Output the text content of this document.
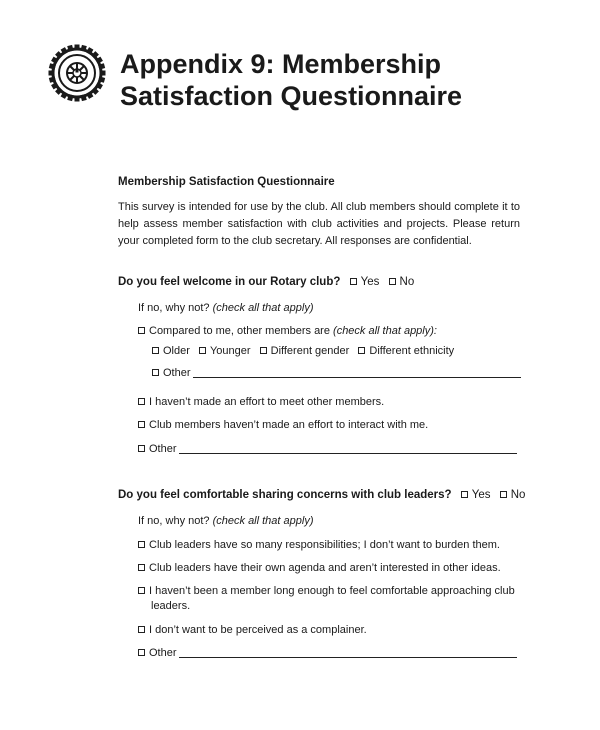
Appendix 9: Membership
Satisfaction Questionnaire
Membership Satisfaction Questionnaire

This survey is intended for use by the club. All club members should complete it to help assess member satisfaction with club activities and projects. Please return your completed form to the club secretary. All responses are confidential.

Do you feel welcome in our Rotary club? Yes No
If no, why not? (check all that apply)
Compared to me, other members are (check all that apply):
Older Younger Different gender Different ethnicity
Other
I haven’t made an effort to meet other members.
Club members haven’t made an effort to interact with me.
Other
Do you feel comfortable sharing concerns with club leaders? Yes No
If no, why not? (check all that apply)
Club leaders have so many responsibilities; I don’t want to burden them.
Club leaders have their own agenda and aren’t interested in other ideas.
I haven’t been a member long enough to feel comfortable approaching club
leaders.
I don’t want to be perceived as a complainer.
Other
